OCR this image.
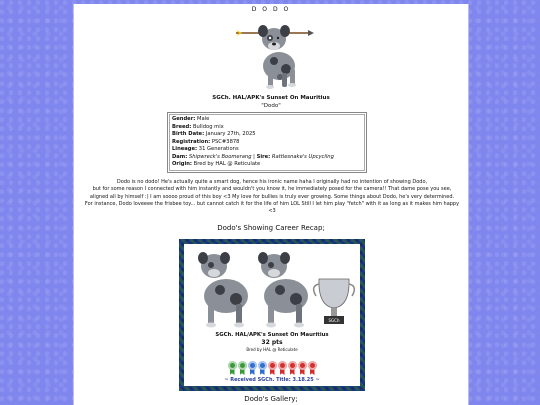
D O D O
SGCh. HAL/APK's Sunset On Mauritius
"Dodo"
Gender: Male
Breed: Bulldog mix
Birth Date: January 27th, 2025
Registration: PSC#3878
Lineage: 31 Generations
Dam: Shipwreck's Boomerang | Sire: Rattlesnake's Upcycling
Origin: Bred by HAL @ Reticulate
Dodo is no dodo! He's actually quite a smart dog, hence his ironic name haha I originally had no intention of showing Dodo,
but for some reason I connected with him instantly and wouldn't you know it, he immediately posed for the camera!! That dame pose you see,
aligned all by himself :) I am soooo proud of this boy <3 My love for bullies is truly ever growing. Some things about Dodo, he's very determined.
For instance, Dodo loveeee the frisbee toy... but cannot catch it for the life of him LOL Still I let him play "fetch" with it as long as it makes him happy
<3
Dodo's Showing Career Recap;
SGCh
SGCh. HAL/APK's Sunset On Mauritius
32 pts
Bred by HAL @ Reticulate
~ Received SGCh. Title: 3.18.25 ~
Dodo's Gallery;
